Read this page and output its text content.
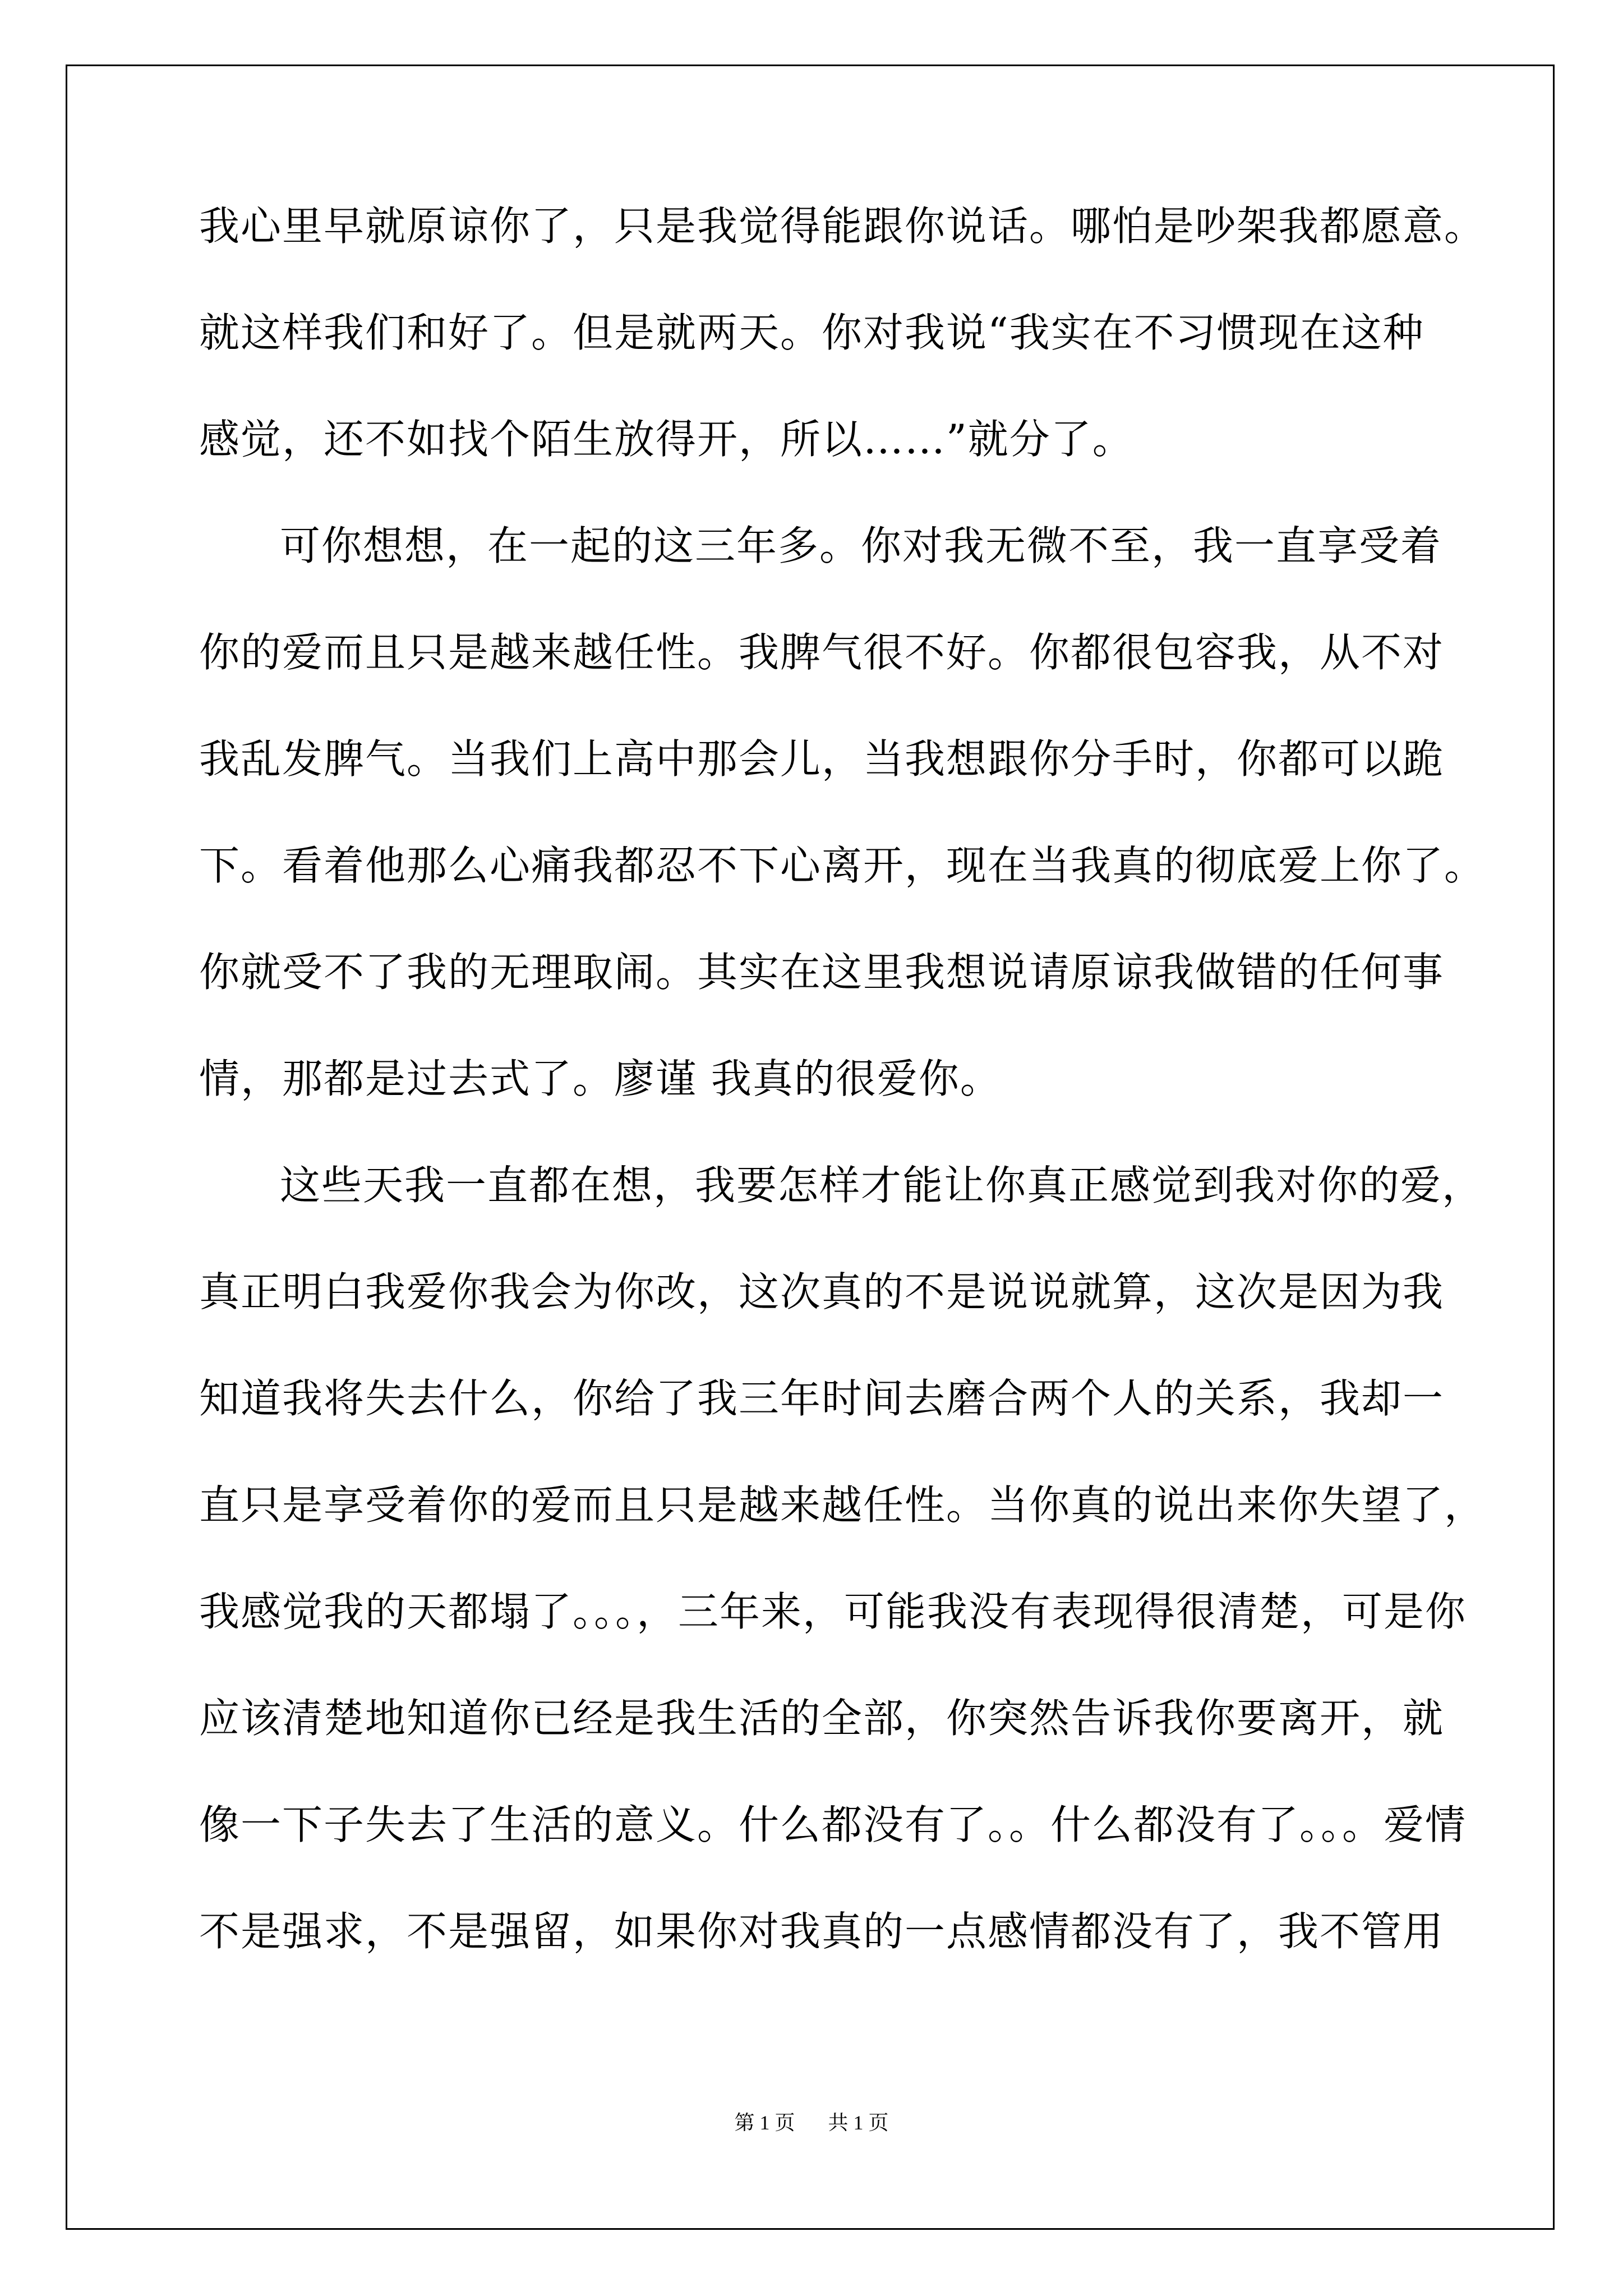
我心里早就原谅你了，只是我觉得能跟你说话。哪怕是吵架我都愿意。
就这样我们和好了。但是就两天。你对我说“我实在不习惯现在这种
感觉，还不如找个陌生放得开，所以……”就分了。
可你想想，在一起的这三年多。你对我无微不至，我一直享受着
你的爱而且只是越来越任性。我脾气很不好。你都很包容我，从不对
我乱发脾气。当我们上高中那会儿，当我想跟你分手时，你都可以跪
下。看着他那么心痛我都忍不下心离开，现在当我真的彻底爱上你了。
你就受不了我的无理取闹。其实在这里我想说请原谅我做错的任何事
情，那都是过去式了。廖谨 我真的很爱你。
这些天我一直都在想，我要怎样才能让你真正感觉到我对你的爱，
真正明白我爱你我会为你改，这次真的不是说说就算，这次是因为我
知道我将失去什么，你给了我三年时间去磨合两个人的关系，我却一
直只是享受着你的爱而且只是越来越任性。当你真的说出来你失望了，
我感觉我的天都塌了。。。，三年来，可能我没有表现得很清楚，可是你
应该清楚地知道你已经是我生活的全部，你突然告诉我你要离开，就
像一下子失去了生活的意义。什么都没有了。。什么都没有了。。。爱情
不是强求，不是强留，如果你对我真的一点感情都没有了，我不管用
第 1 页 共 1 页
